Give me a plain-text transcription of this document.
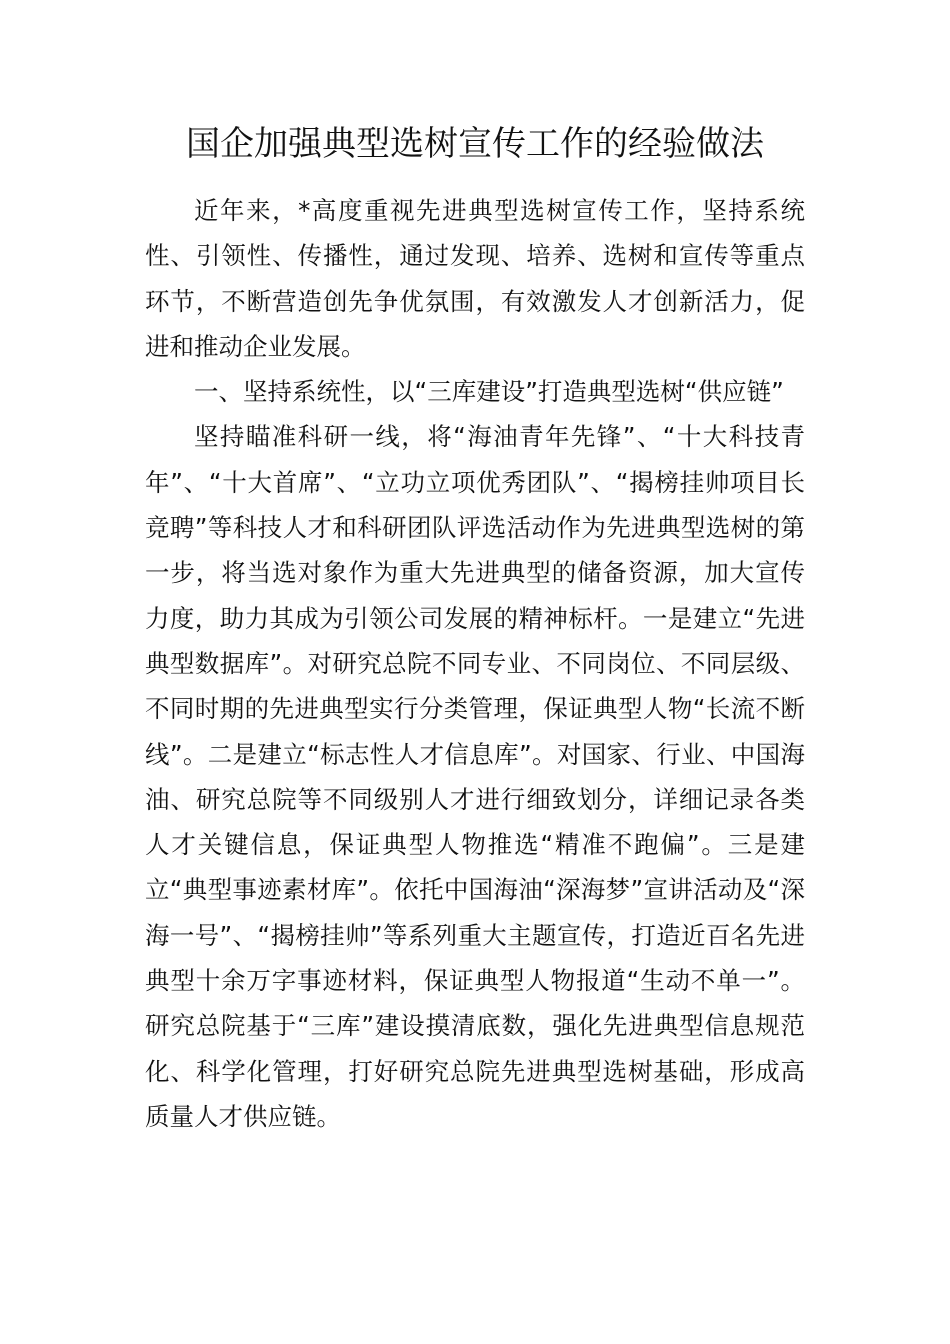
国企加强典型选树宣传工作的经验做法

近年来，*高度重视先进典型选树宣传工作，坚持系统性、引领性、传播性，通过发现、培养、选树和宣传等重点环节，不断营造创先争优氛围，有效激发人才创新活力，促进和推动企业发展。

一、坚持系统性，以“三库建设”打造典型选树“供应链”

坚持瞄准科研一线，将“海油青年先锋”、“十大科技青年”、“十大首席”、“立功立项优秀团队”、“揭榜挂帅项目长竞聘”等科技人才和科研团队评选活动作为先进典型选树的第一步，将当选对象作为重大先进典型的储备资源，加大宣传力度，助力其成为引领公司发展的精神标杆。一是建立“先进典型数据库”。对研究总院不同专业、不同岗位、不同层级、不同时期的先进典型实行分类管理，保证典型人物“长流不断线”。二是建立“标志性人才信息库”。对国家、行业、中国海油、研究总院等不同级别人才进行细致划分，详细记录各类人才关键信息，保证典型人物推选“精准不跑偏”。三是建立“典型事迹素材库”。依托中国海油“深海梦”宣讲活动及“深海一号”、“揭榜挂帅”等系列重大主题宣传，打造近百名先进典型十余万字事迹材料，保证典型人物报道“生动不单一”。研究总院基于“三库”建设摸清底数，强化先进典型信息规范化、科学化管理，打好研究总院先进典型选树基础，形成高质量人才供应链。
